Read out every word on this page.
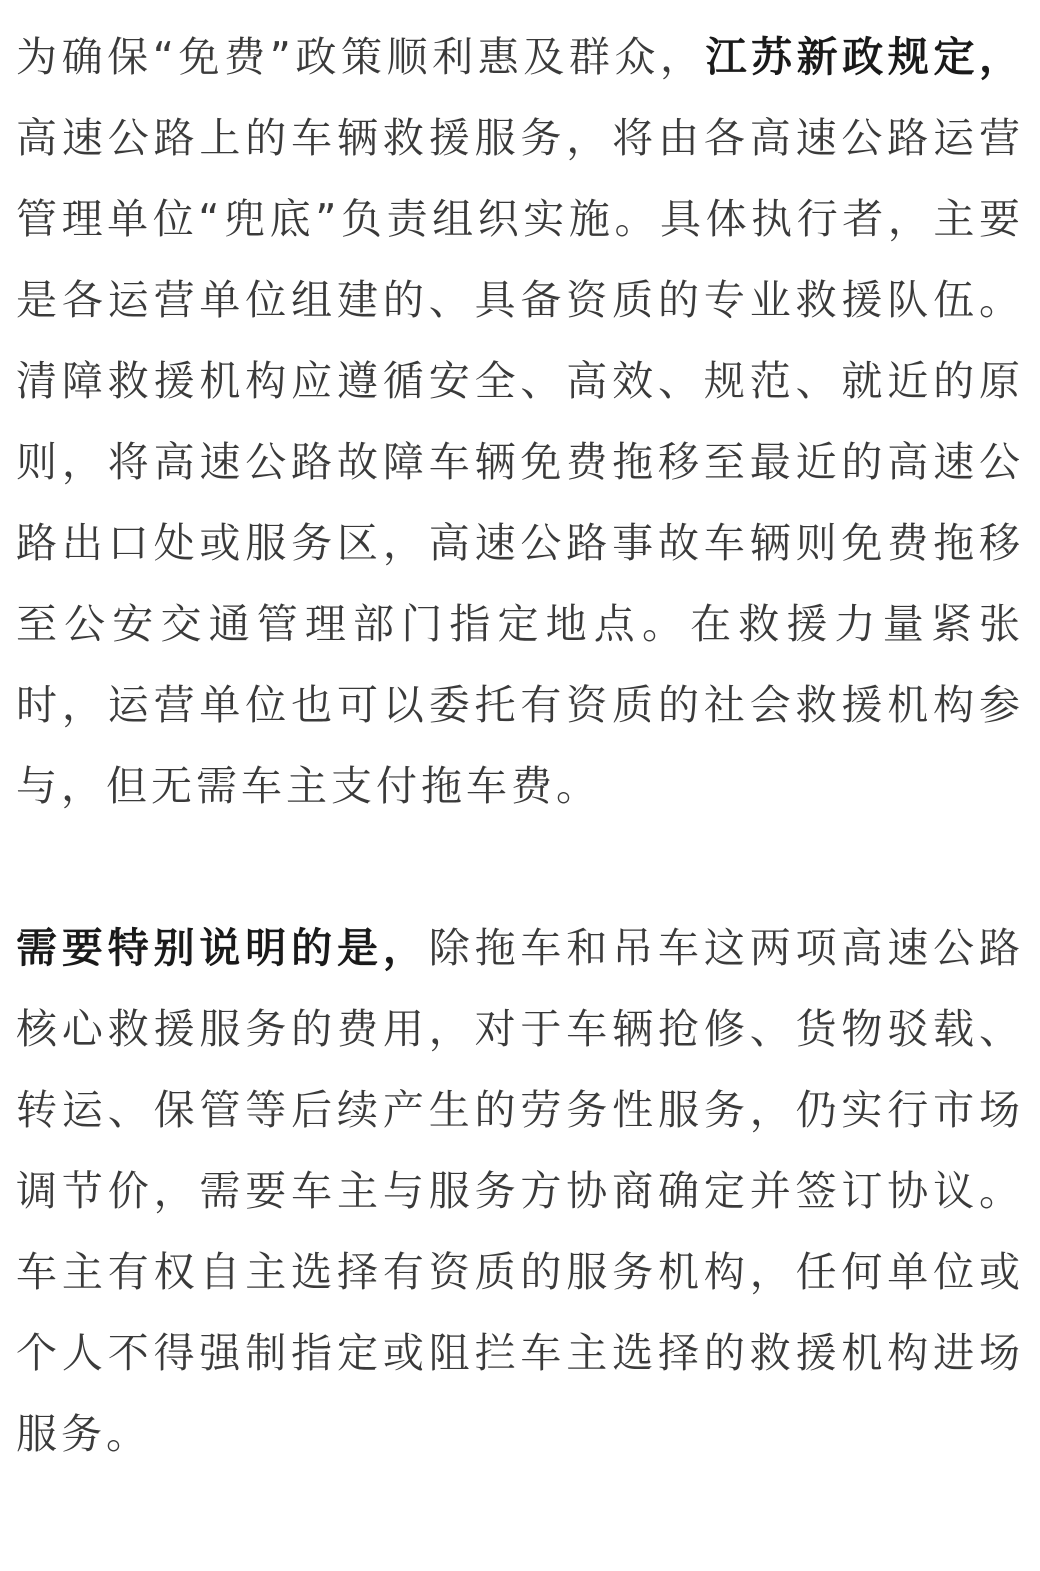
为确保“免费”政策顺利惠及群众，江苏新政规定，高速公路上的车辆救援服务，将由各高速公路运营管理单位“兜底”负责组织实施。具体执行者，主要是各运营单位组建的、具备资质的专业救援队伍。清障救援机构应遵循安全、高效、规范、就近的原则，将高速公路故障车辆免费拖移至最近的高速公路出口处或服务区，高速公路事故车辆则免费拖移至公安交通管理部门指定地点。在救援力量紧张时，运营单位也可以委托有资质的社会救援机构参与，但无需车主支付拖车费。

需要特别说明的是，除拖车和吊车这两项高速公路核心救援服务的费用，对于车辆抢修、货物驳载、转运、保管等后续产生的劳务性服务，仍实行市场调节价，需要车主与服务方协商确定并签订协议。车主有权自主选择有资质的服务机构，任何单位或个人不得强制指定或阻拦车主选择的救援机构进场服务。
